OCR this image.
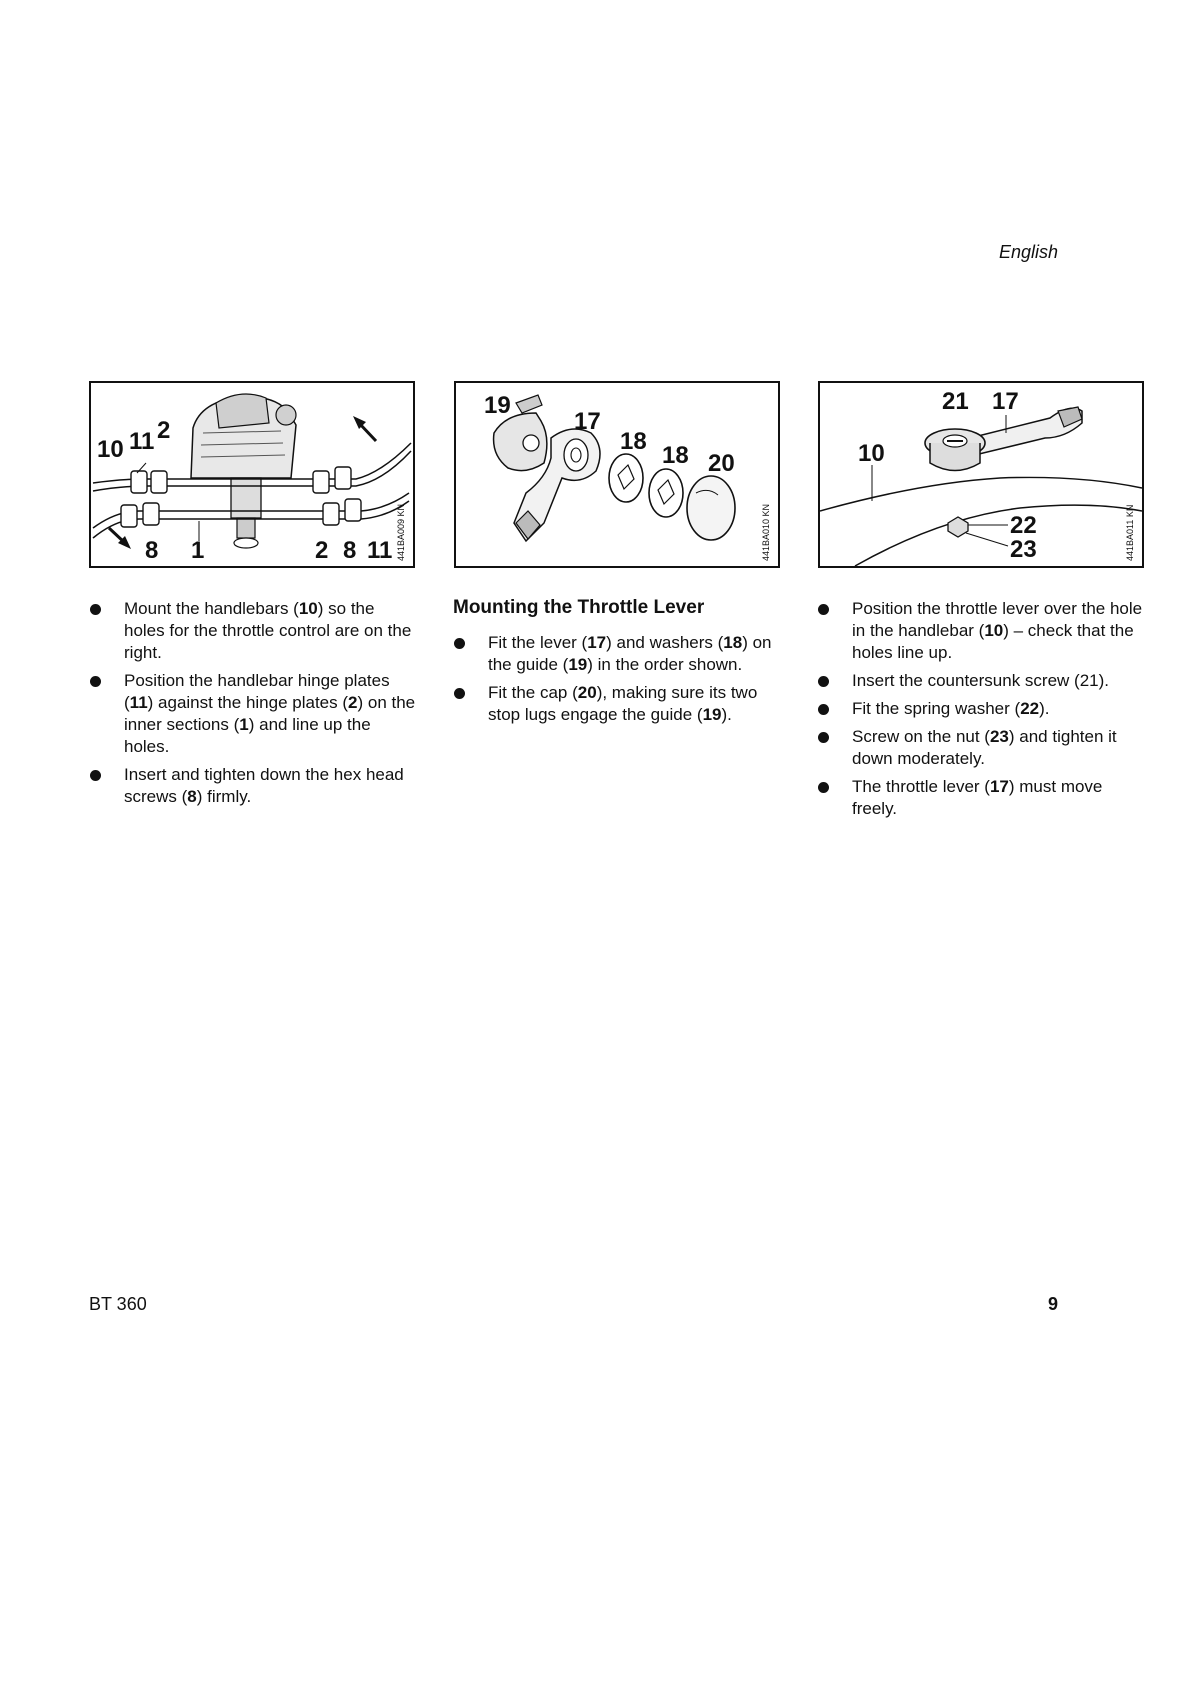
English
10 11 2
8 1	2 8 11 441BA009 KN
19
17
18
18 20
441BA010 KN
21 17
10
22
23	441BA011 KN
Mount the handlebars (10) so the holes for the throttle control are on the right.
Position the handlebar hinge plates (11) against the hinge plates (2) on the inner sections (1) and line up the holes.
Insert and tighten down the hex head screws (8) firmly.
Mounting the Throttle Lever
Fit the lever (17) and washers (18) on the guide (19) in the order shown.
Fit the cap (20), making sure its two stop lugs engage the guide (19).
Position the throttle lever over the hole in the handlebar (10) – check that the holes line up.
Insert the countersunk screw (21).
Fit the spring washer (22).
Screw on the nut (23) and tighten it down moderately.
The throttle lever (17) must move freely.
BT 360	9
